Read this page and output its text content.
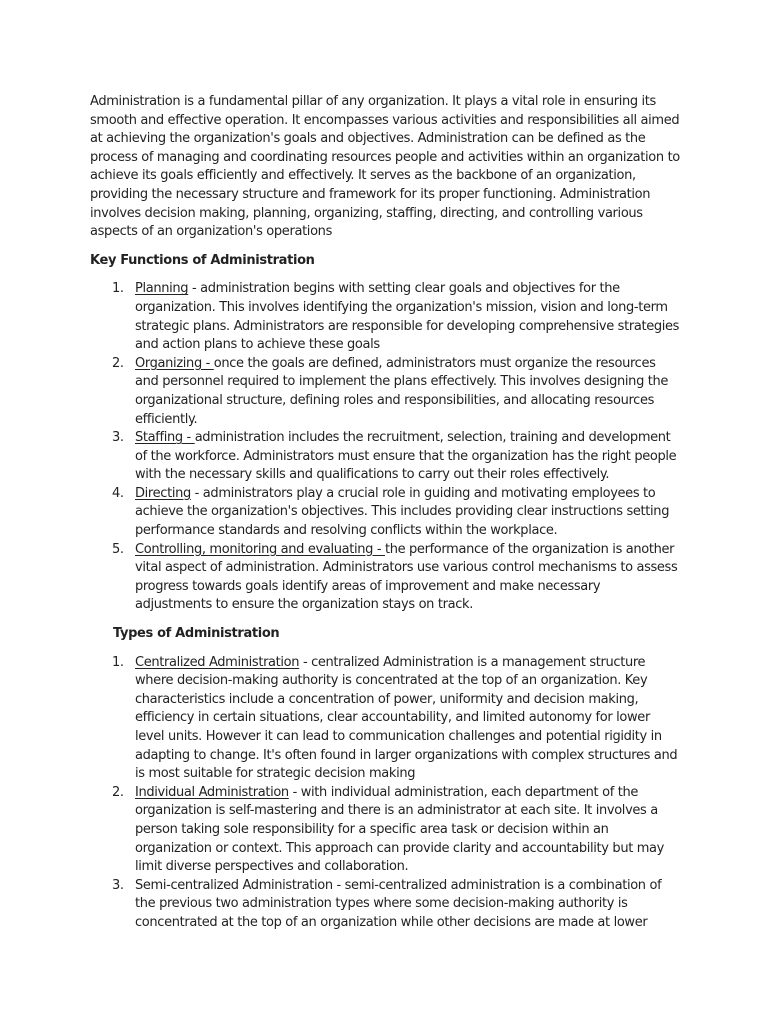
Administration is a fundamental pillar of any organization. It plays a vital role in ensuring its smooth and effective operation. It encompasses various activities and responsibilities all aimed at achieving the organization's goals and objectives. Administration can be defined as the process of managing and coordinating resources people and activities within an organization to achieve its goals efficiently and effectively. It serves as the backbone of an organization, providing the necessary structure and framework for its proper functioning. Administration involves decision making, planning, organizing, staffing, directing, and controlling various aspects of an organization's operations

Key Functions of Administration
1. Planning - administration begins with setting clear goals and objectives for the organization. This involves identifying the organization's mission, vision and long-term strategic plans. Administrators are responsible for developing comprehensive strategies and action plans to achieve these goals
2. Organizing - once the goals are defined, administrators must organize the resources and personnel required to implement the plans effectively. This involves designing the organizational structure, defining roles and responsibilities, and allocating resources efficiently.
3. Staffing - administration includes the recruitment, selection, training and development of the workforce. Administrators must ensure that the organization has the right people with the necessary skills and qualifications to carry out their roles effectively.
4. Directing - administrators play a crucial role in guiding and motivating employees to achieve the organization's objectives. This includes providing clear instructions setting performance standards and resolving conflicts within the workplace.
5. Controlling, monitoring and evaluating - the performance of the organization is another vital aspect of administration. Administrators use various control mechanisms to assess progress towards goals identify areas of improvement and make necessary adjustments to ensure the organization stays on track.
Types of Administration
1. Centralized Administration - centralized Administration is a management structure where decision-making authority is concentrated at the top of an organization. Key characteristics include a concentration of power, uniformity and decision making, efficiency in certain situations, clear accountability, and limited autonomy for lower level units. However it can lead to communication challenges and potential rigidity in adapting to change. It's often found in larger organizations with complex structures and is most suitable for strategic decision making
2. Individual Administration - with individual administration, each department of the organization is self-mastering and there is an administrator at each site. It involves a person taking sole responsibility for a specific area task or decision within an organization or context. This approach can provide clarity and accountability but may limit diverse perspectives and collaboration.
3. Semi-centralized Administration - semi-centralized administration is a combination of the previous two administration types where some decision-making authority is concentrated at the top of an organization while other decisions are made at lower
